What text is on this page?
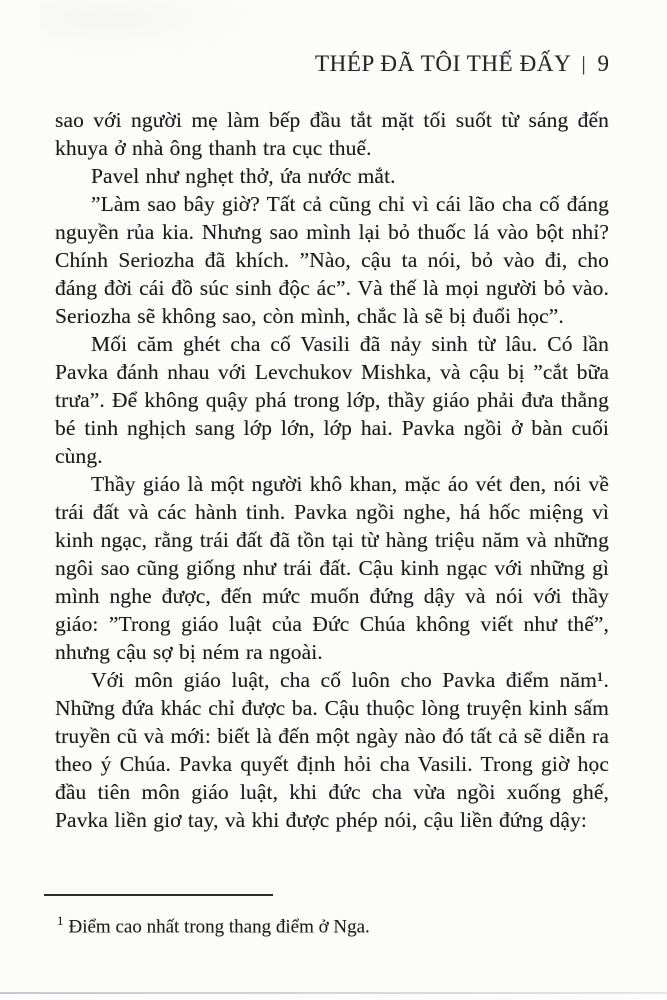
THÉP ĐÃ TÔI THẾ ĐẤY | 9

sao với người mẹ làm bếp đầu tắt mặt tối suốt từ sáng đến khuya ở nhà ông thanh tra cục thuế.

Pavel như nghẹt thở, ứa nước mắt.

”Làm sao bây giờ? Tất cả cũng chỉ vì cái lão cha cố đáng nguyền rủa kia. Nhưng sao mình lại bỏ thuốc lá vào bột nhỉ? Chính Seriozha đã khích. ”Nào, cậu ta nói, bỏ vào đi, cho đáng đời cái đồ súc sinh độc ác”. Và thế là mọi người bỏ vào. Seriozha sẽ không sao, còn mình, chắc là sẽ bị đuổi học”.

Mối căm ghét cha cố Vasili đã nảy sinh từ lâu. Có lần Pavka đánh nhau với Levchukov Mishka, và cậu bị ”cắt bữa trưa”. Để không quậy phá trong lớp, thầy giáo phải đưa thằng bé tinh nghịch sang lớp lớn, lớp hai. Pavka ngồi ở bàn cuối cùng.

Thầy giáo là một người khô khan, mặc áo vét đen, nói về trái đất và các hành tinh. Pavka ngồi nghe, há hốc miệng vì kinh ngạc, rằng trái đất đã tồn tại từ hàng triệu năm và những ngôi sao cũng giống như trái đất. Cậu kinh ngạc với những gì mình nghe được, đến mức muốn đứng dậy và nói với thầy giáo: ”Trong giáo luật của Đức Chúa không viết như thế”, nhưng cậu sợ bị ném ra ngoài.

Với môn giáo luật, cha cố luôn cho Pavka điểm năm¹. Những đứa khác chỉ được ba. Cậu thuộc lòng truyện kinh sấm truyền cũ và mới: biết là đến một ngày nào đó tất cả sẽ diễn ra theo ý Chúa. Pavka quyết định hỏi cha Vasili. Trong giờ học đầu tiên môn giáo luật, khi đức cha vừa ngồi xuống ghế, Pavka liền giơ tay, và khi được phép nói, cậu liền đứng dậy:

$^1$ Điểm cao nhất trong thang điểm ở Nga.
